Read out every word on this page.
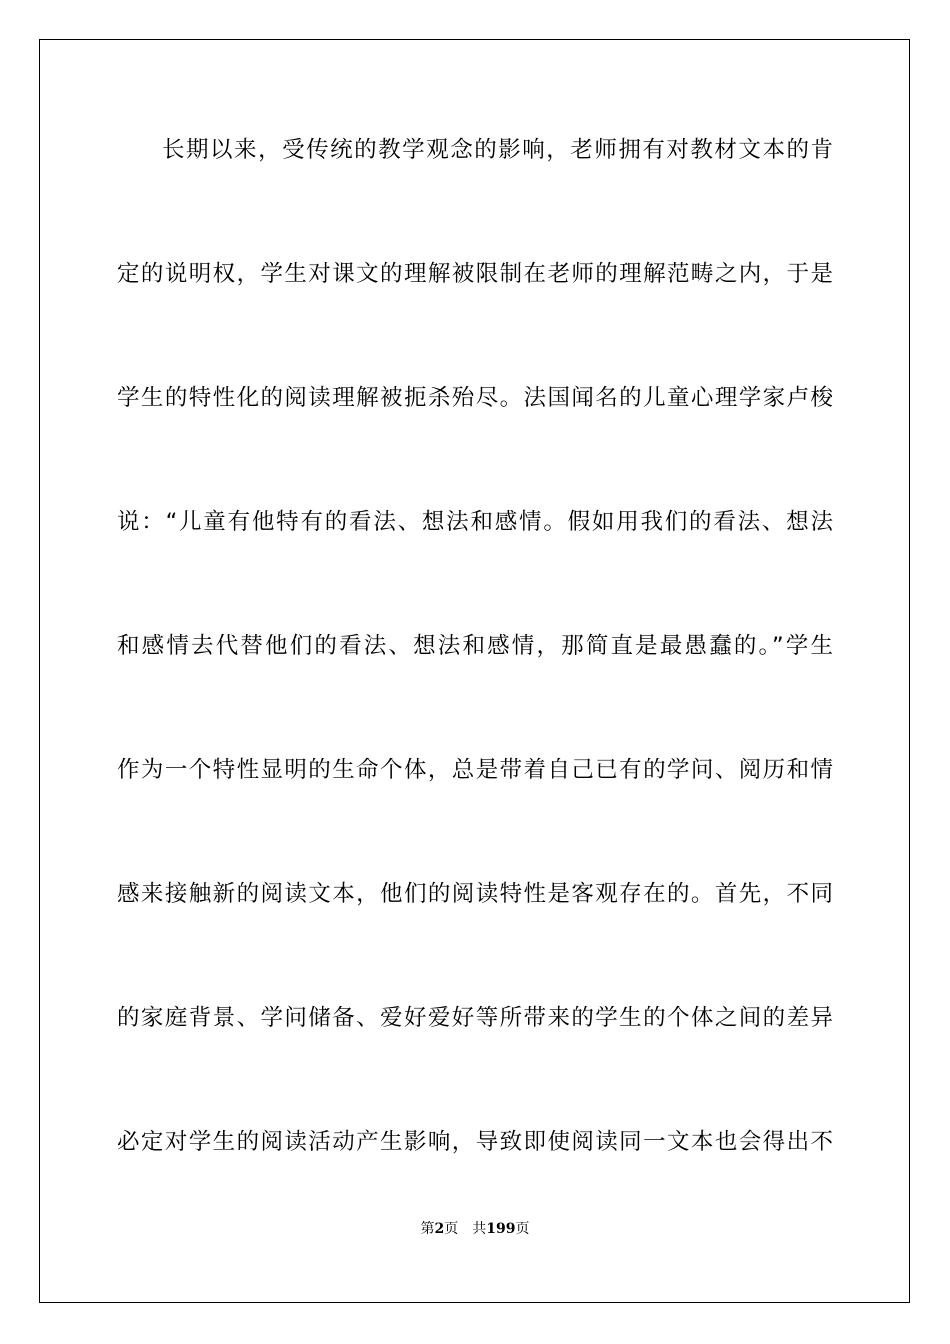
长期以来，受传统的教学观念的影响，老师拥有对教材文本的肯
定的说明权，学生对课文的理解被限制在老师的理解范畴之内，于是
学生的特性化的阅读理解被扼杀殆尽。法国闻名的儿童心理学家卢梭
说：“儿童有他特有的看法、想法和感情。假如用我们的看法、想法
和感情去代替他们的看法、想法和感情，那简直是最愚蠢的。”学生
作为一个特性显明的生命个体，总是带着自己已有的学问、阅历和情
感来接触新的阅读文本，他们的阅读特性是客观存在的。首先，不同
的家庭背景、学问储备、爱好爱好等所带来的学生的个体之间的差异
必定对学生的阅读活动产生影响，导致即使阅读同一文本也会得出不
第2页 共199页
